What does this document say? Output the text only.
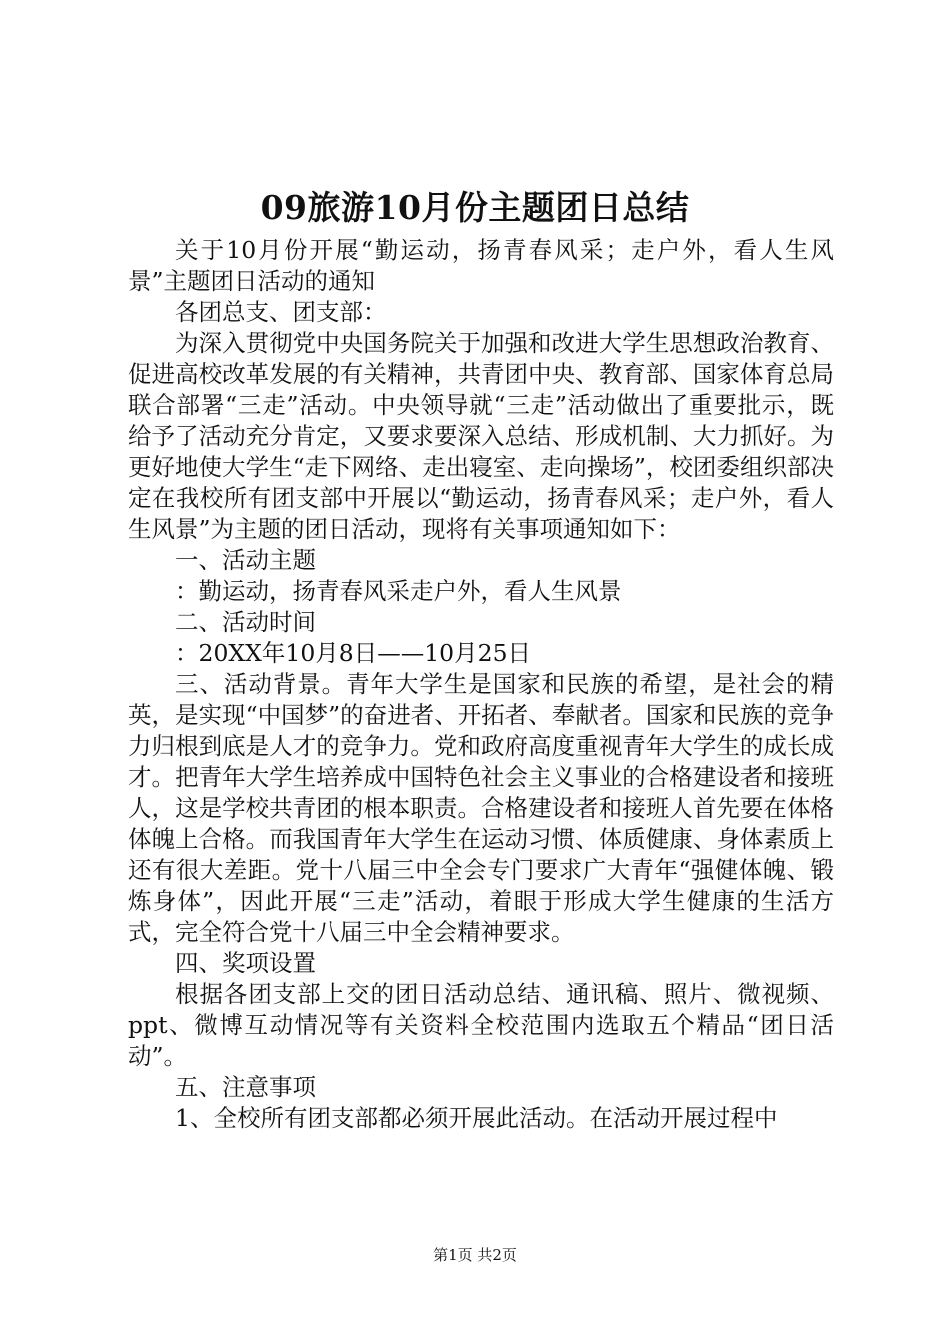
09旅游10月份主题团日总结

关于10月份开展“勤运动，扬青春风采；走户外，看人生风景”主题团日活动的通知

各团总支、团支部：

为深入贯彻党中央国务院关于加强和改进大学生思想政治教育、促进高校改革发展的有关精神，共青团中央、教育部、国家体育总局联合部署“三走”活动。中央领导就“三走”活动做出了重要批示，既给予了活动充分肯定，又要求要深入总结、形成机制、大力抓好。为更好地使大学生“走下网络、走出寝室、走向操场”，校团委组织部决定在我校所有团支部中开展以“勤运动，扬青春风采；走户外，看人生风景”为主题的团日活动，现将有关事项通知如下：

一、活动主题

：勤运动，扬青春风采走户外，看人生风景

二、活动时间

：20XX年10月8日——10月25日

三、活动背景。青年大学生是国家和民族的希望，是社会的精英，是实现“中国梦”的奋进者、开拓者、奉献者。国家和民族的竞争力归根到底是人才的竞争力。党和政府高度重视青年大学生的成长成才。把青年大学生培养成中国特色社会主义事业的合格建设者和接班人，这是学校共青团的根本职责。合格建设者和接班人首先要在体格体魄上合格。而我国青年大学生在运动习惯、体质健康、身体素质上还有很大差距。党十八届三中全会专门要求广大青年“强健体魄、锻炼身体”，因此开展“三走”活动，着眼于形成大学生健康的生活方式，完全符合党十八届三中全会精神要求。

四、奖项设置

根据各团支部上交的团日活动总结、通讯稿、照片、微视频、ppt、微博互动情况等有关资料全校范围内选取五个精品“团日活动”。

五、注意事项

1、全校所有团支部都必须开展此活动。在活动开展过程中

第1页 共2页
